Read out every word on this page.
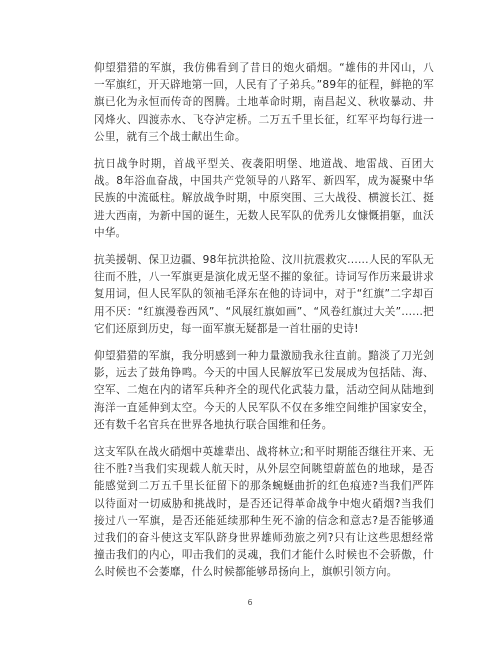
仰望猎猎的军旗，我仿佛看到了昔日的炮火硝烟。“雄伟的井冈山，八一军旗红，开天辟地第一回，人民有了子弟兵。”89年的征程，鲜艳的军旗已化为永恒而传奇的图腾。土地革命时期，南昌起义、秋收暴动、井冈烽火、四渡赤水、飞夺泸定桥。二万五千里长征，红军平均每行进一公里，就有三个战士献出生命。

抗日战争时期，首战平型关、夜袭阳明堡、地道战、地雷战、百团大战。8年浴血奋战，中国共产党领导的八路军、新四军，成为凝聚中华民族的中流砥柱。解放战争时期，中原突围、三大战役、横渡长江、挺进大西南，为新中国的诞生，无数人民军队的优秀儿女慷慨捐躯，血沃中华。

抗美援朝、保卫边疆、98年抗洪抢险、汶川抗震救灾......人民的军队无往而不胜，八一军旗更是演化成无坚不摧的象征。诗词写作历来最讲求复用词，但人民军队的领袖毛泽东在他的诗词中，对于“红旗”二字却百用不厌：“红旗漫卷西风”、“风展红旗如画”、“风卷红旗过大关”......把它们还原到历史，每一面军旗无疑都是一首壮丽的史诗!

仰望猎猎的军旗，我分明感到一种力量激励我永往直前。黯淡了刀光剑影，远去了鼓角铮鸣。今天的中国人民解放军已发展成为包括陆、海、空军、二炮在内的诸军兵种齐全的现代化武装力量，活动空间从陆地到海洋一直延伸到太空。今天的人民军队不仅在多维空间维护国家安全，还有数千名官兵在世界各地执行联合国维和任务。

这支军队在战火硝烟中英雄辈出、战将林立;和平时期能否继往开来、无往不胜?当我们实现载人航天时，从外层空间眺望蔚蓝色的地球，是否能感觉到二万五千里长征留下的那条蜿蜒曲折的红色痕迹?当我们严阵以待面对一切威胁和挑战时，是否还记得革命战争中炮火硝烟?当我们接过八一军旗，是否还能延续那种生死不渝的信念和意志?是否能够通过我们的奋斗使这支军队跻身世界雄师劲旅之列?只有让这些思想经常撞击我们的内心，叩击我们的灵魂，我们才能什么时候也不会骄傲，什么时候也不会萎靡，什么时候都能够昂扬向上，旗帜引领方向。

6
